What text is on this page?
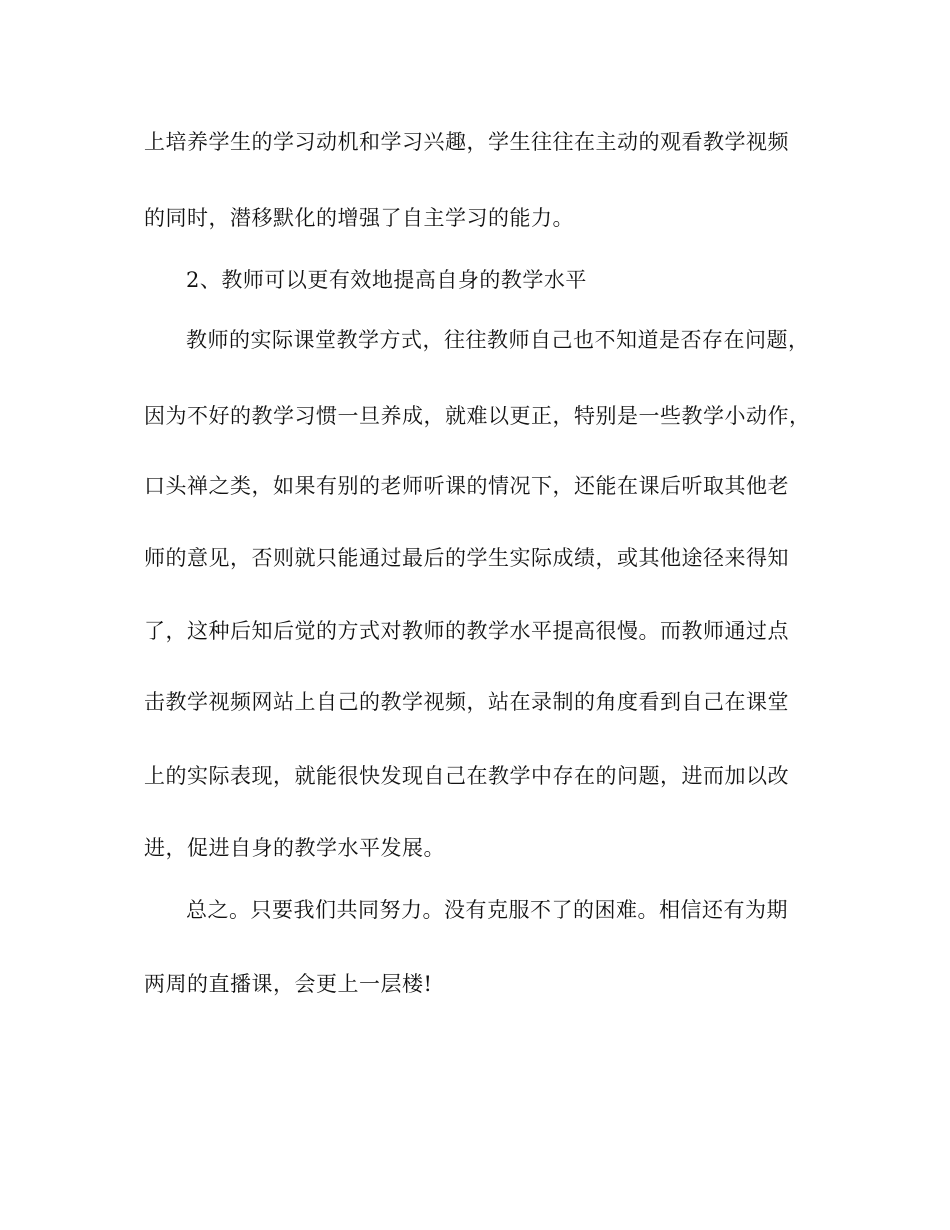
上培养学生的学习动机和学习兴趣，学生往往在主动的观看教学视频
的同时，潜移默化的增强了自主学习的能力。
2、教师可以更有效地提高自身的教学水平
教师的实际课堂教学方式，往往教师自己也不知道是否存在问题，
因为不好的教学习惯一旦养成，就难以更正，特别是一些教学小动作，
口头禅之类，如果有别的老师听课的情况下，还能在课后听取其他老
师的意见，否则就只能通过最后的学生实际成绩，或其他途径来得知
了，这种后知后觉的方式对教师的教学水平提高很慢。而教师通过点
击教学视频网站上自己的教学视频，站在录制的角度看到自己在课堂
上的实际表现，就能很快发现自己在教学中存在的问题，进而加以改
进，促进自身的教学水平发展。
总之。只要我们共同努力。没有克服不了的困难。相信还有为期
两周的直播课，会更上一层楼!
